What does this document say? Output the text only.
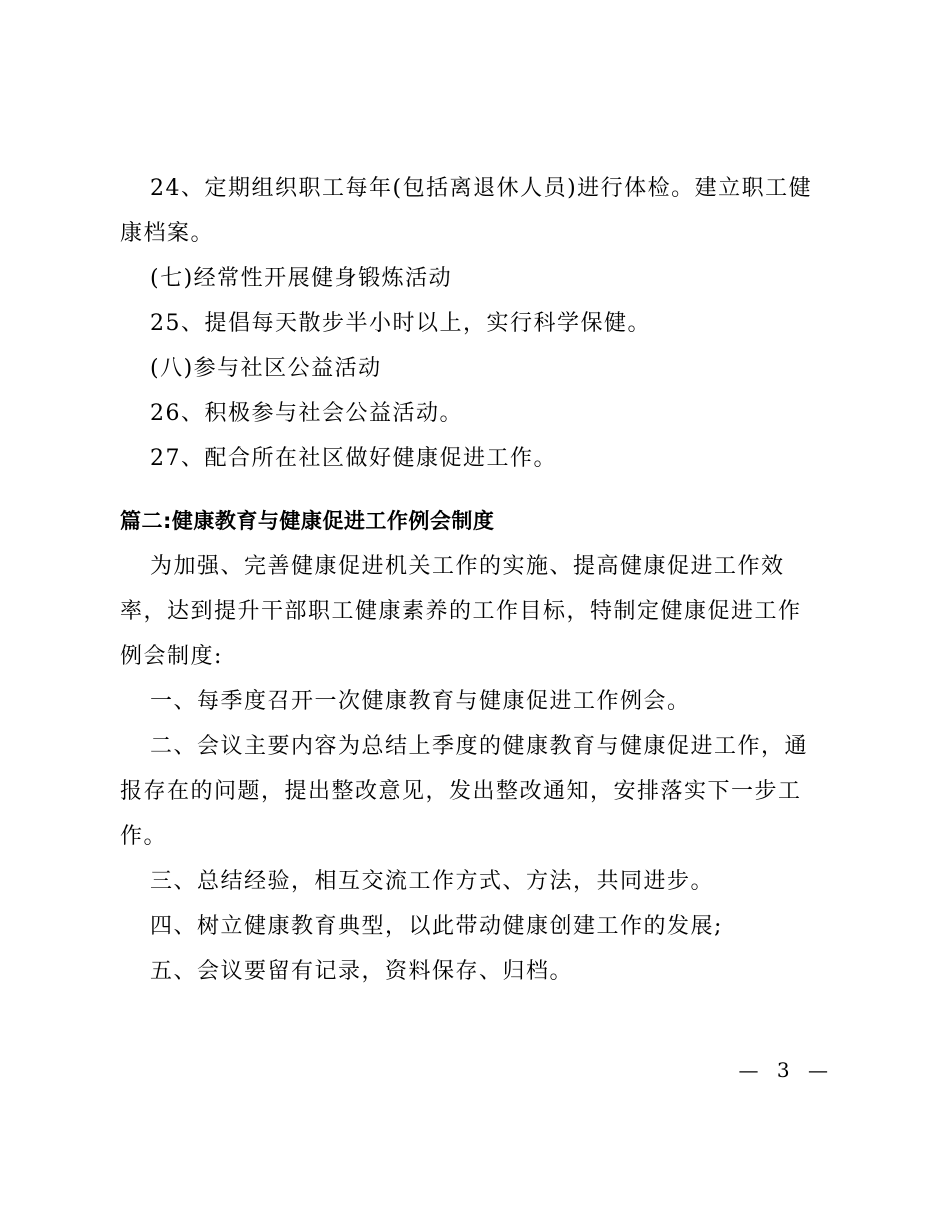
24、定期组织职工每年(包括离退休人员)进行体检。建立职工健康档案。

(七)经常性开展健身锻炼活动

25、提倡每天散步半小时以上，实行科学保健。

(八)参与社区公益活动

26、积极参与社会公益活动。

27、配合所在社区做好健康促进工作。

篇二:健康教育与健康促进工作例会制度

为加强、完善健康促进机关工作的实施、提高健康促进工作效率，达到提升干部职工健康素养的工作目标，特制定健康促进工作例会制度:

一、每季度召开一次健康教育与健康促进工作例会。

二、会议主要内容为总结上季度的健康教育与健康促进工作，通报存在的问题，提出整改意见，发出整改通知，安排落实下一步工作。

三、总结经验，相互交流工作方式、方法，共同进步。

四、树立健康教育典型，以此带动健康创建工作的发展;

五、会议要留有记录，资料保存、归档。

— 3 —
